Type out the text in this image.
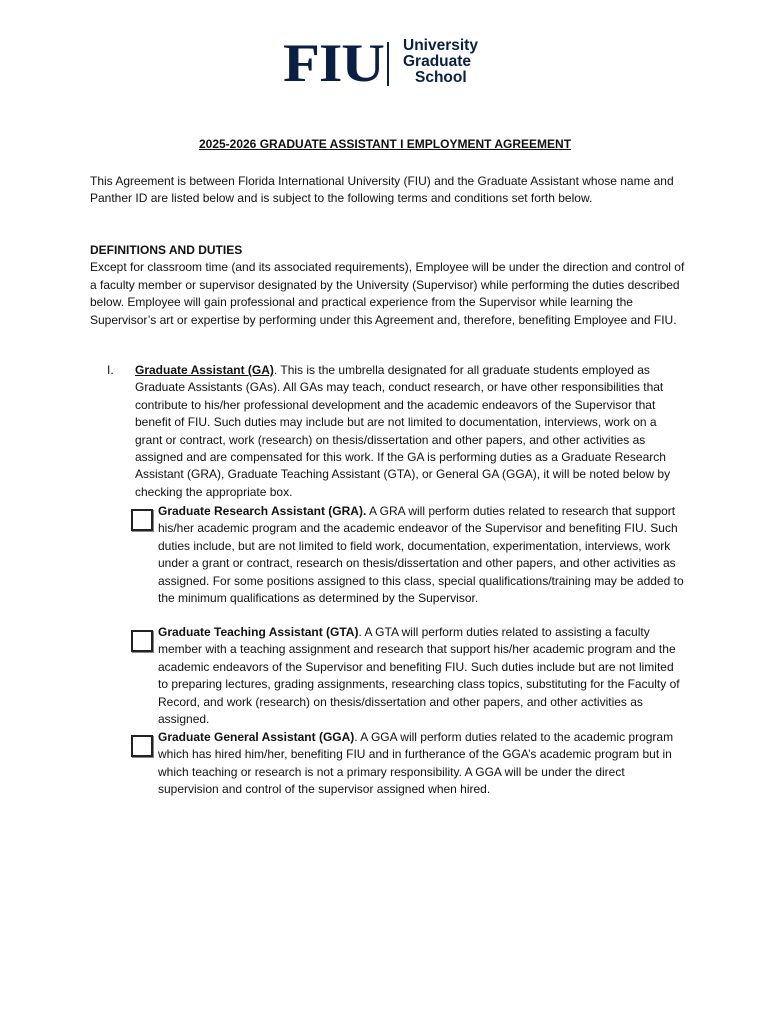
FIU University
Graduate
School
2025-2026 GRADUATE ASSISTANT I EMPLOYMENT AGREEMENT

This Agreement is between Florida International University (FIU) and the Graduate Assistant whose name and Panther ID are listed below and is subject to the following terms and conditions set forth below.

DEFINITIONS AND DUTIES

Except for classroom time (and its associated requirements), Employee will be under the direction and control of a faculty member or supervisor designated by the University (Supervisor) while performing the duties described below. Employee will gain professional and practical experience from the Supervisor while learning the Supervisor’s art or expertise by performing under this Agreement and, therefore, benefiting Employee and FIU.

I. Graduate Assistant (GA). This is the umbrella designated for all graduate students employed as Graduate Assistants (GAs). All GAs may teach, conduct research, or have other responsibilities that contribute to his/her professional development and the academic endeavors of the Supervisor that benefit of FIU. Such duties may include but are not limited to documentation, interviews, work on a grant or contract, work (research) on thesis/dissertation and other papers, and other activities as assigned and are compensated for this work. If the GA is performing duties as a Graduate Research Assistant (GRA), Graduate Teaching Assistant (GTA), or General GA (GGA), it will be noted below by checking the appropriate box.

Graduate Research Assistant (GRA). A GRA will perform duties related to research that support his/her academic program and the academic endeavor of the Supervisor and benefiting FIU. Such duties include, but are not limited to field work, documentation, experimentation, interviews, work under a grant or contract, research on thesis/dissertation and other papers, and other activities as assigned. For some positions assigned to this class, special qualifications/training may be added to the minimum qualifications as determined by the Supervisor.

Graduate Teaching Assistant (GTA). A GTA will perform duties related to assisting a faculty member with a teaching assignment and research that support his/her academic program and the academic endeavors of the Supervisor and benefiting FIU. Such duties include but are not limited to preparing lectures, grading assignments, researching class topics, substituting for the Faculty of Record, and work (research) on thesis/dissertation and other papers, and other activities as assigned.

Graduate General Assistant (GGA). A GGA will perform duties related to the academic program which has hired him/her, benefiting FIU and in furtherance of the GGA’s academic program but in which teaching or research is not a primary responsibility. A GGA will be under the direct supervision and control of the supervisor assigned when hired.
